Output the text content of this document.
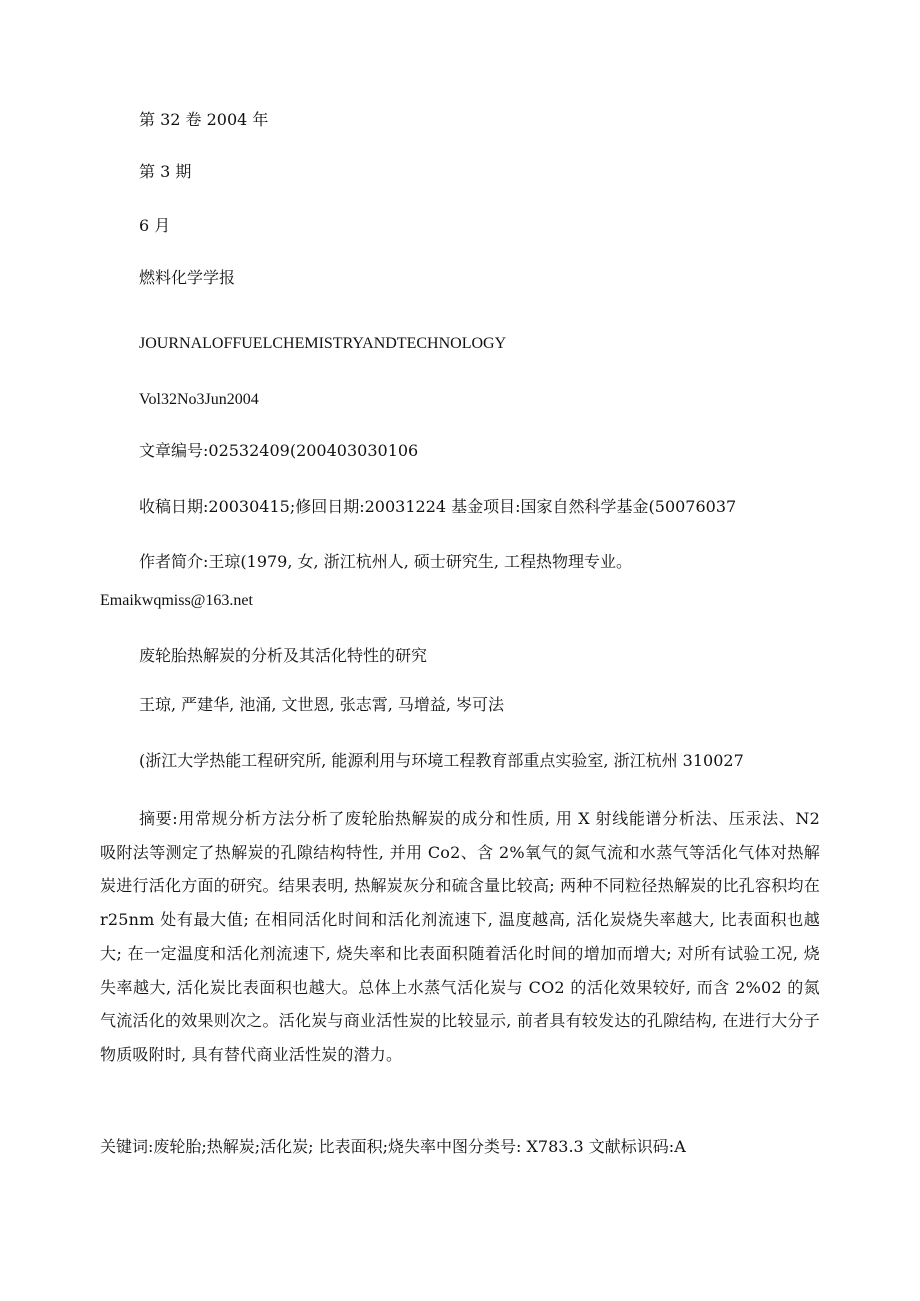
第 32 卷 2004 年
第 3 期
6 月
燃料化学学报
JOURNALOFFUELCHEMISTRYANDTECHNOLOGY
Vol32No3Jun2004
文章编号:02532409(200403030106
收稿日期:20030415;修回日期:20031224 基金项目:国家自然科学基金(50076037
作者简介:王琼(1979, 女, 浙江杭州人, 硕士研究生, 工程热物理专业。
Emaikwqmiss@163.net
废轮胎热解炭的分析及其活化特性的研究
王琼, 严建华, 池涌, 文世恩, 张志霄, 马增益, 岑可法
(浙江大学热能工程研究所, 能源利用与环境工程教育部重点实验室, 浙江杭州 310027
摘要:用常规分析方法分析了废轮胎热解炭的成分和性质, 用 X 射线能谱分析法、压汞法、N2 吸附法等测定了热解炭的孔隙结构特性, 并用 Co2、含 2%氧气的氮气流和水蒸气等活化气体对热解炭进行活化方面的研究。结果表明, 热解炭灰分和硫含量比较高; 两种不同粒径热解炭的比孔容积均在 r25nm 处有最大值; 在相同活化时间和活化剂流速下, 温度越高, 活化炭烧失率越大, 比表面积也越大; 在一定温度和活化剂流速下, 烧失率和比表面积随着活化时间的增加而增大; 对所有试验工况, 烧失率越大, 活化炭比表面积也越大。总体上水蒸气活化炭与 CO2 的活化效果较好, 而含 2%02 的氮气流活化的效果则次之。活化炭与商业活性炭的比较显示, 前者具有较发达的孔隙结构, 在进行大分子物质吸附时, 具有替代商业活性炭的潜力。
关键词:废轮胎;热解炭;活化炭; 比表面积;烧失率中图分类号: X783.3 文献标识码:A
